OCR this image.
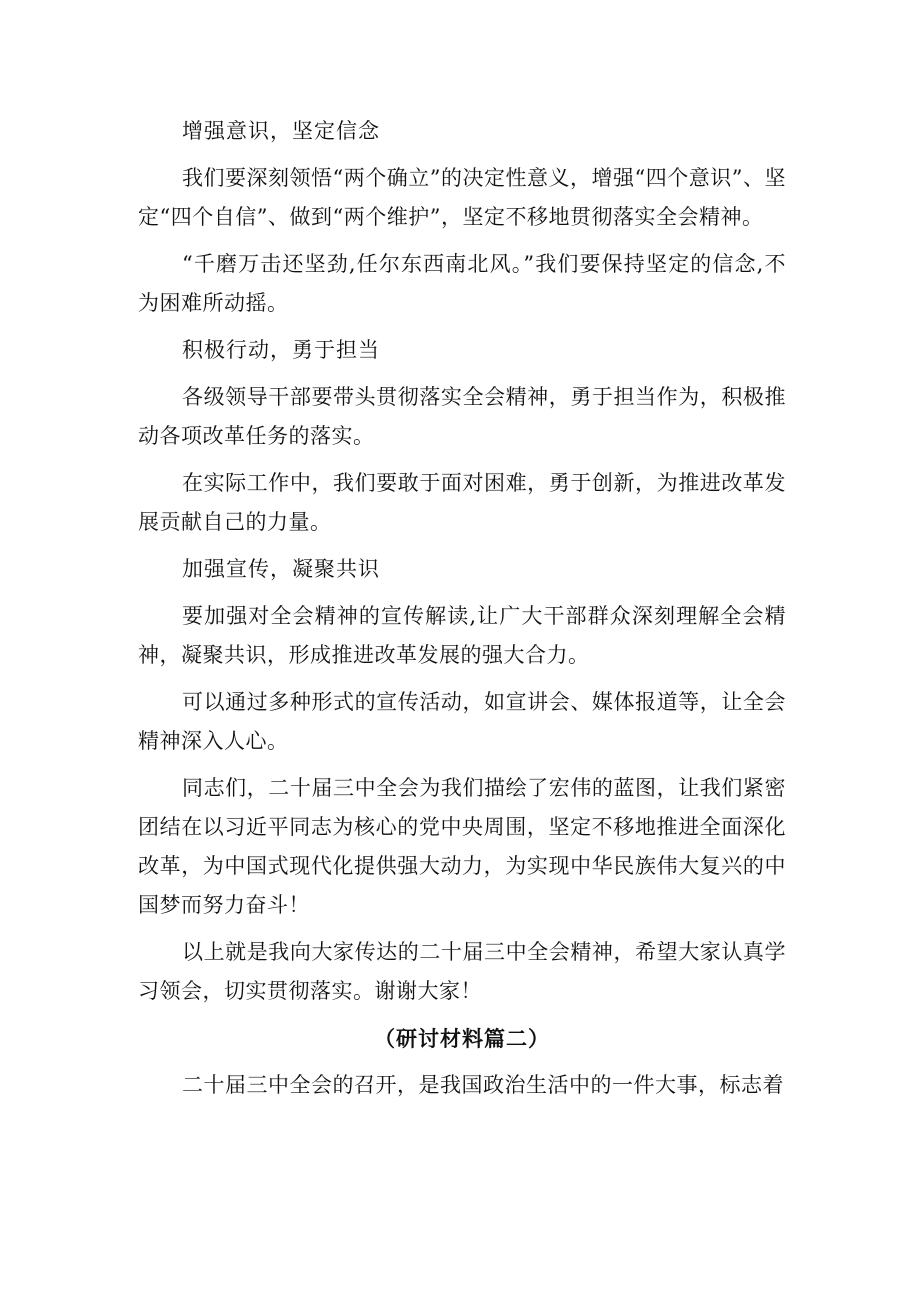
增强意识，坚定信念

我们要深刻领悟“两个确立”的决定性意义，增强“四个意识”、坚定“四个自信”、做到“两个维护”，坚定不移地贯彻落实全会精神。

“千磨万击还坚劲,任尔东西南北风。”我们要保持坚定的信念,不为困难所动摇。

积极行动，勇于担当

各级领导干部要带头贯彻落实全会精神，勇于担当作为，积极推动各项改革任务的落实。

在实际工作中，我们要敢于面对困难，勇于创新，为推进改革发展贡献自己的力量。

加强宣传，凝聚共识

要加强对全会精神的宣传解读,让广大干部群众深刻理解全会精神，凝聚共识，形成推进改革发展的强大合力。

可以通过多种形式的宣传活动，如宣讲会、媒体报道等，让全会精神深入人心。

同志们，二十届三中全会为我们描绘了宏伟的蓝图，让我们紧密团结在以习近平同志为核心的党中央周围，坚定不移地推进全面深化改革，为中国式现代化提供强大动力，为实现中华民族伟大复兴的中国梦而努力奋斗！

以上就是我向大家传达的二十届三中全会精神，希望大家认真学习领会，切实贯彻落实。谢谢大家！

（研讨材料篇二）

二十届三中全会的召开，是我国政治生活中的一件大事，标志着
